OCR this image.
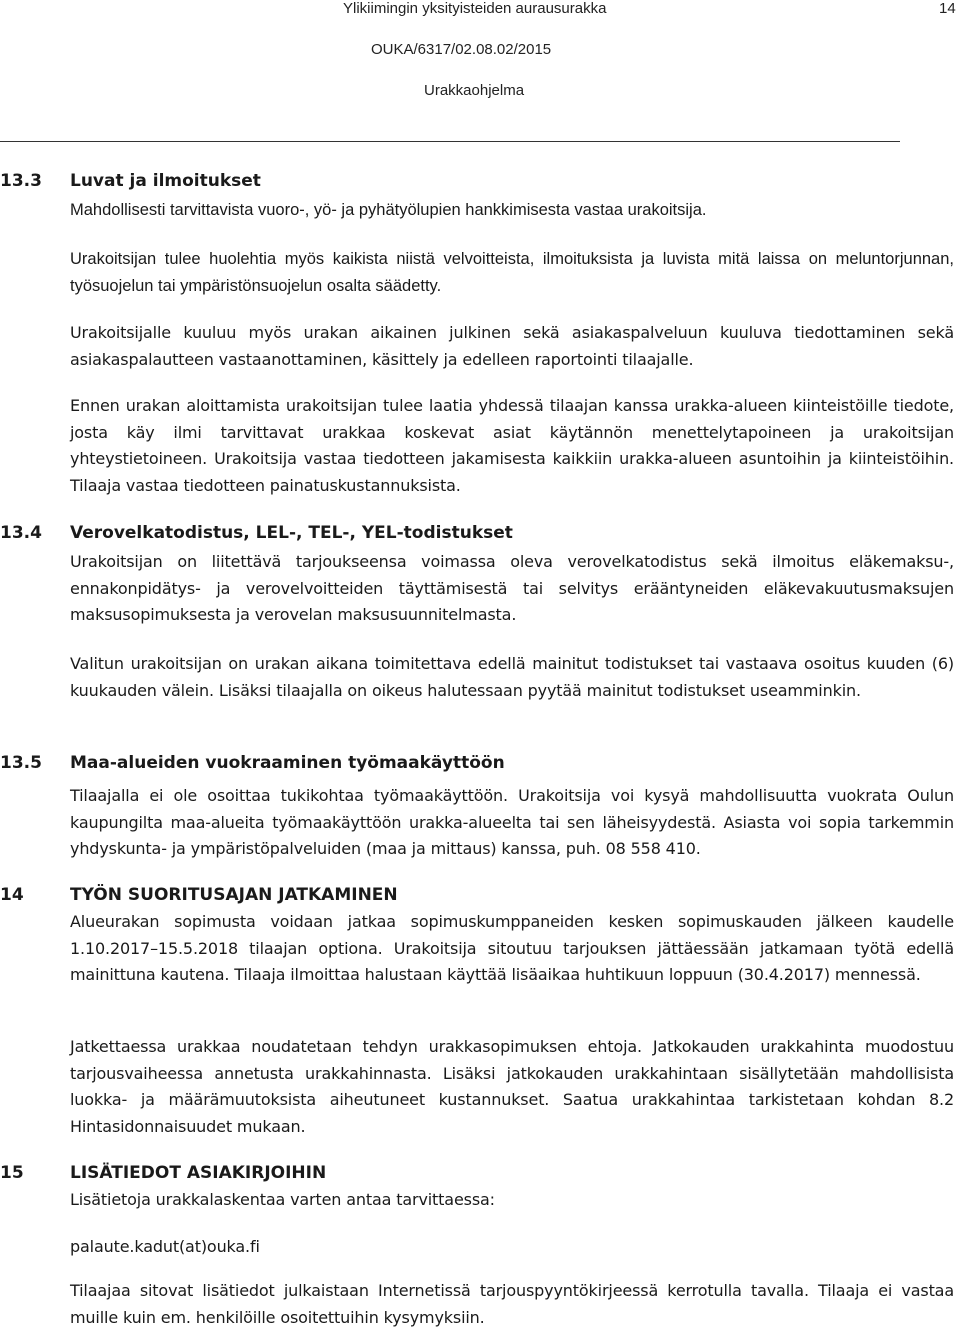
Ylikiimingin yksityisteiden aurausurakka	14
OUKA/6317/02.08.02/2015
Urakkaohjelma
13.3 Luvat ja ilmoitukset

Mahdollisesti tarvittavista vuoro-, yö- ja pyhätyölupien hankkimisesta vastaa urakoitsija.

Urakoitsijan tulee huolehtia myös kaikista niistä velvoitteista, ilmoituksista ja luvista mitä laissa on meluntorjunnan, työsuojelun tai ympäristönsuojelun osalta säädetty.

Urakoitsijalle kuuluu myös urakan aikainen julkinen sekä asiakaspalveluun kuuluva tiedottaminen sekä asiakaspalautteen vastaanottaminen, käsittely ja edelleen raportointi tilaajalle.

Ennen urakan aloittamista urakoitsijan tulee laatia yhdessä tilaajan kanssa urakka-alueen kiinteistöille tiedote, josta käy ilmi tarvittavat urakkaa koskevat asiat käytännön menettelytapoineen ja urakoitsijan yhteystietoineen. Urakoitsija vastaa tiedotteen jakamisesta kaikkiin urakka-alueen asuntoihin ja kiinteistöihin. Tilaaja vastaa tiedotteen painatuskustannuksista.

13.4 Verovelkatodistus, LEL-, TEL-, YEL-todistukset

Urakoitsijan on liitettävä tarjoukseensa voimassa oleva verovelkatodistus sekä ilmoitus eläkemaksu-, ennakonpidätys- ja verovelvoitteiden täyttämisestä tai selvitys erääntyneiden eläkevakuutusmaksujen maksusopimuksesta ja verovelan maksusuunnitelmasta.

Valitun urakoitsijan on urakan aikana toimitettava edellä mainitut todistukset tai vastaava osoitus kuuden (6) kuukauden välein. Lisäksi tilaajalla on oikeus halutessaan pyytää mainitut todistukset useamminkin.

13.5 Maa-alueiden vuokraaminen työmaakäyttöön

Tilaajalla ei ole osoittaa tukikohtaa työmaakäyttöön. Urakoitsija voi kysyä mahdollisuutta vuokrata Oulun kaupungilta maa-alueita työmaakäyttöön urakka-alueelta tai sen läheisyydestä. Asiasta voi sopia tarkemmin yhdyskunta- ja ympäristöpalveluiden (maa ja mittaus) kanssa, puh. 08 558 410.

14	TYÖN SUORITUSAJAN JATKAMINEN

Alueurakan sopimusta voidaan jatkaa sopimuskumppaneiden kesken sopimuskauden jälkeen kaudelle 1.10.2017–15.5.2018 tilaajan optiona. Urakoitsija sitoutuu tarjouksen jättäessään jatkamaan työtä edellä mainittuna kautena. Tilaaja ilmoittaa halustaan käyttää lisäaikaa huhtikuun loppuun (30.4.2017) mennessä.

Jatkettaessa urakkaa noudatetaan tehdyn urakkasopimuksen ehtoja. Jatkokauden urakkahinta muodostuu tarjousvaiheessa annetusta urakkahinnasta. Lisäksi jatkokauden urakkahintaan sisällytetään mahdollisista luokka- ja määrämuutoksista aiheutuneet kustannukset. Saatua urakkahintaa tarkistetaan kohdan 8.2 Hintasidonnaisuudet mukaan.

15	LISÄTIEDOT ASIAKIRJOIHIN

Lisätietoja urakkalaskentaa varten antaa tarvittaessa:

palaute.kadut(at)ouka.fi

Tilaajaa sitovat lisätiedot julkaistaan Internetissä tarjouspyyntökirjeessä kerrotulla tavalla. Tilaaja ei vastaa muille kuin em. henkilöille osoitettuihin kysymyksiin.
